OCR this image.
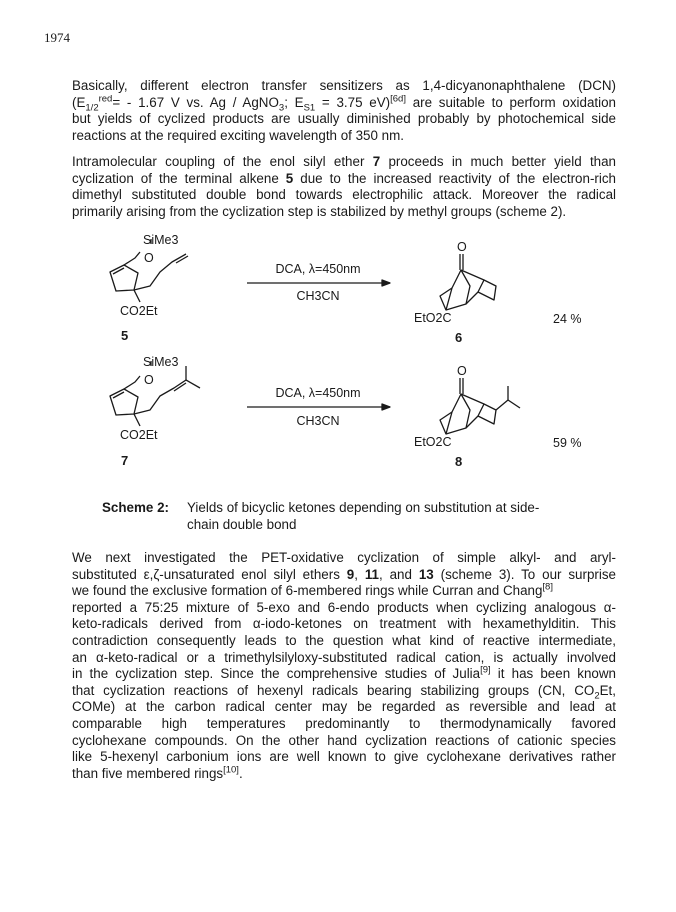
1974

Basically, different electron transfer sensitizers as 1,4-dicyanonaphthalene (DCN)
($E_{1/2}^{red}= - 1.67$ V vs. Ag / AgNO$_3$; $E_{S1} = 3.75$ eV)[6d] are suitable to perform oxidation
but yields of cyclized products are usually diminished probably by photochemical side
reactions at the required exciting wavelength of 350 nm.

Intramolecular coupling of the enol silyl ether 7 proceeds in much better yield than
cyclization of the terminal alkene 5 due to the increased reactivity of the electron-rich
dimethyl substituted double bond towards electrophilic attack. Moreover the radical
primarily arising from the cyclization step is stabilized by methyl groups (scheme 2).

SiMe3
O
CO2Et
5
DCA, λ=450nm
CH3CN
O
EtO2C
6
24 %
SiMe3
O
CO2Et
7
DCA, λ=450nm
CH3CN
O
EtO2C
8
59 %
Scheme 2: Yields of bicyclic ketones depending on substitution at side-
chain double bond

We next investigated the PET-oxidative cyclization of simple alkyl- and aryl-
substituted ε,ζ-unsaturated enol silyl ethers 9, 11, and 13 (scheme 3). To our surprise
we found the exclusive formation of 6-membered rings while Curran and Chang[8]
reported a 75:25 mixture of 5-exo and 6-endo products when cyclizing analogous α-
keto-radicals derived from α-iodo-ketones on treatment with hexamethylditin. This
contradiction consequently leads to the question what kind of reactive intermediate,
an α-keto-radical or a trimethylsilyloxy-substituted radical cation, is actually involved
in the cyclization step. Since the comprehensive studies of Julia[9] it has been known
that cyclization reactions of hexenyl radicals bearing stabilizing groups (CN, $CO_2Et$,
COMe) at the carbon radical center may be regarded as reversible and lead at
comparable high temperatures predominantly to thermodynamically favored
cyclohexane compounds. On the other hand cyclization reactions of cationic species
like 5-hexenyl carbonium ions are well known to give cyclohexane derivatives rather
than five membered rings[10].
